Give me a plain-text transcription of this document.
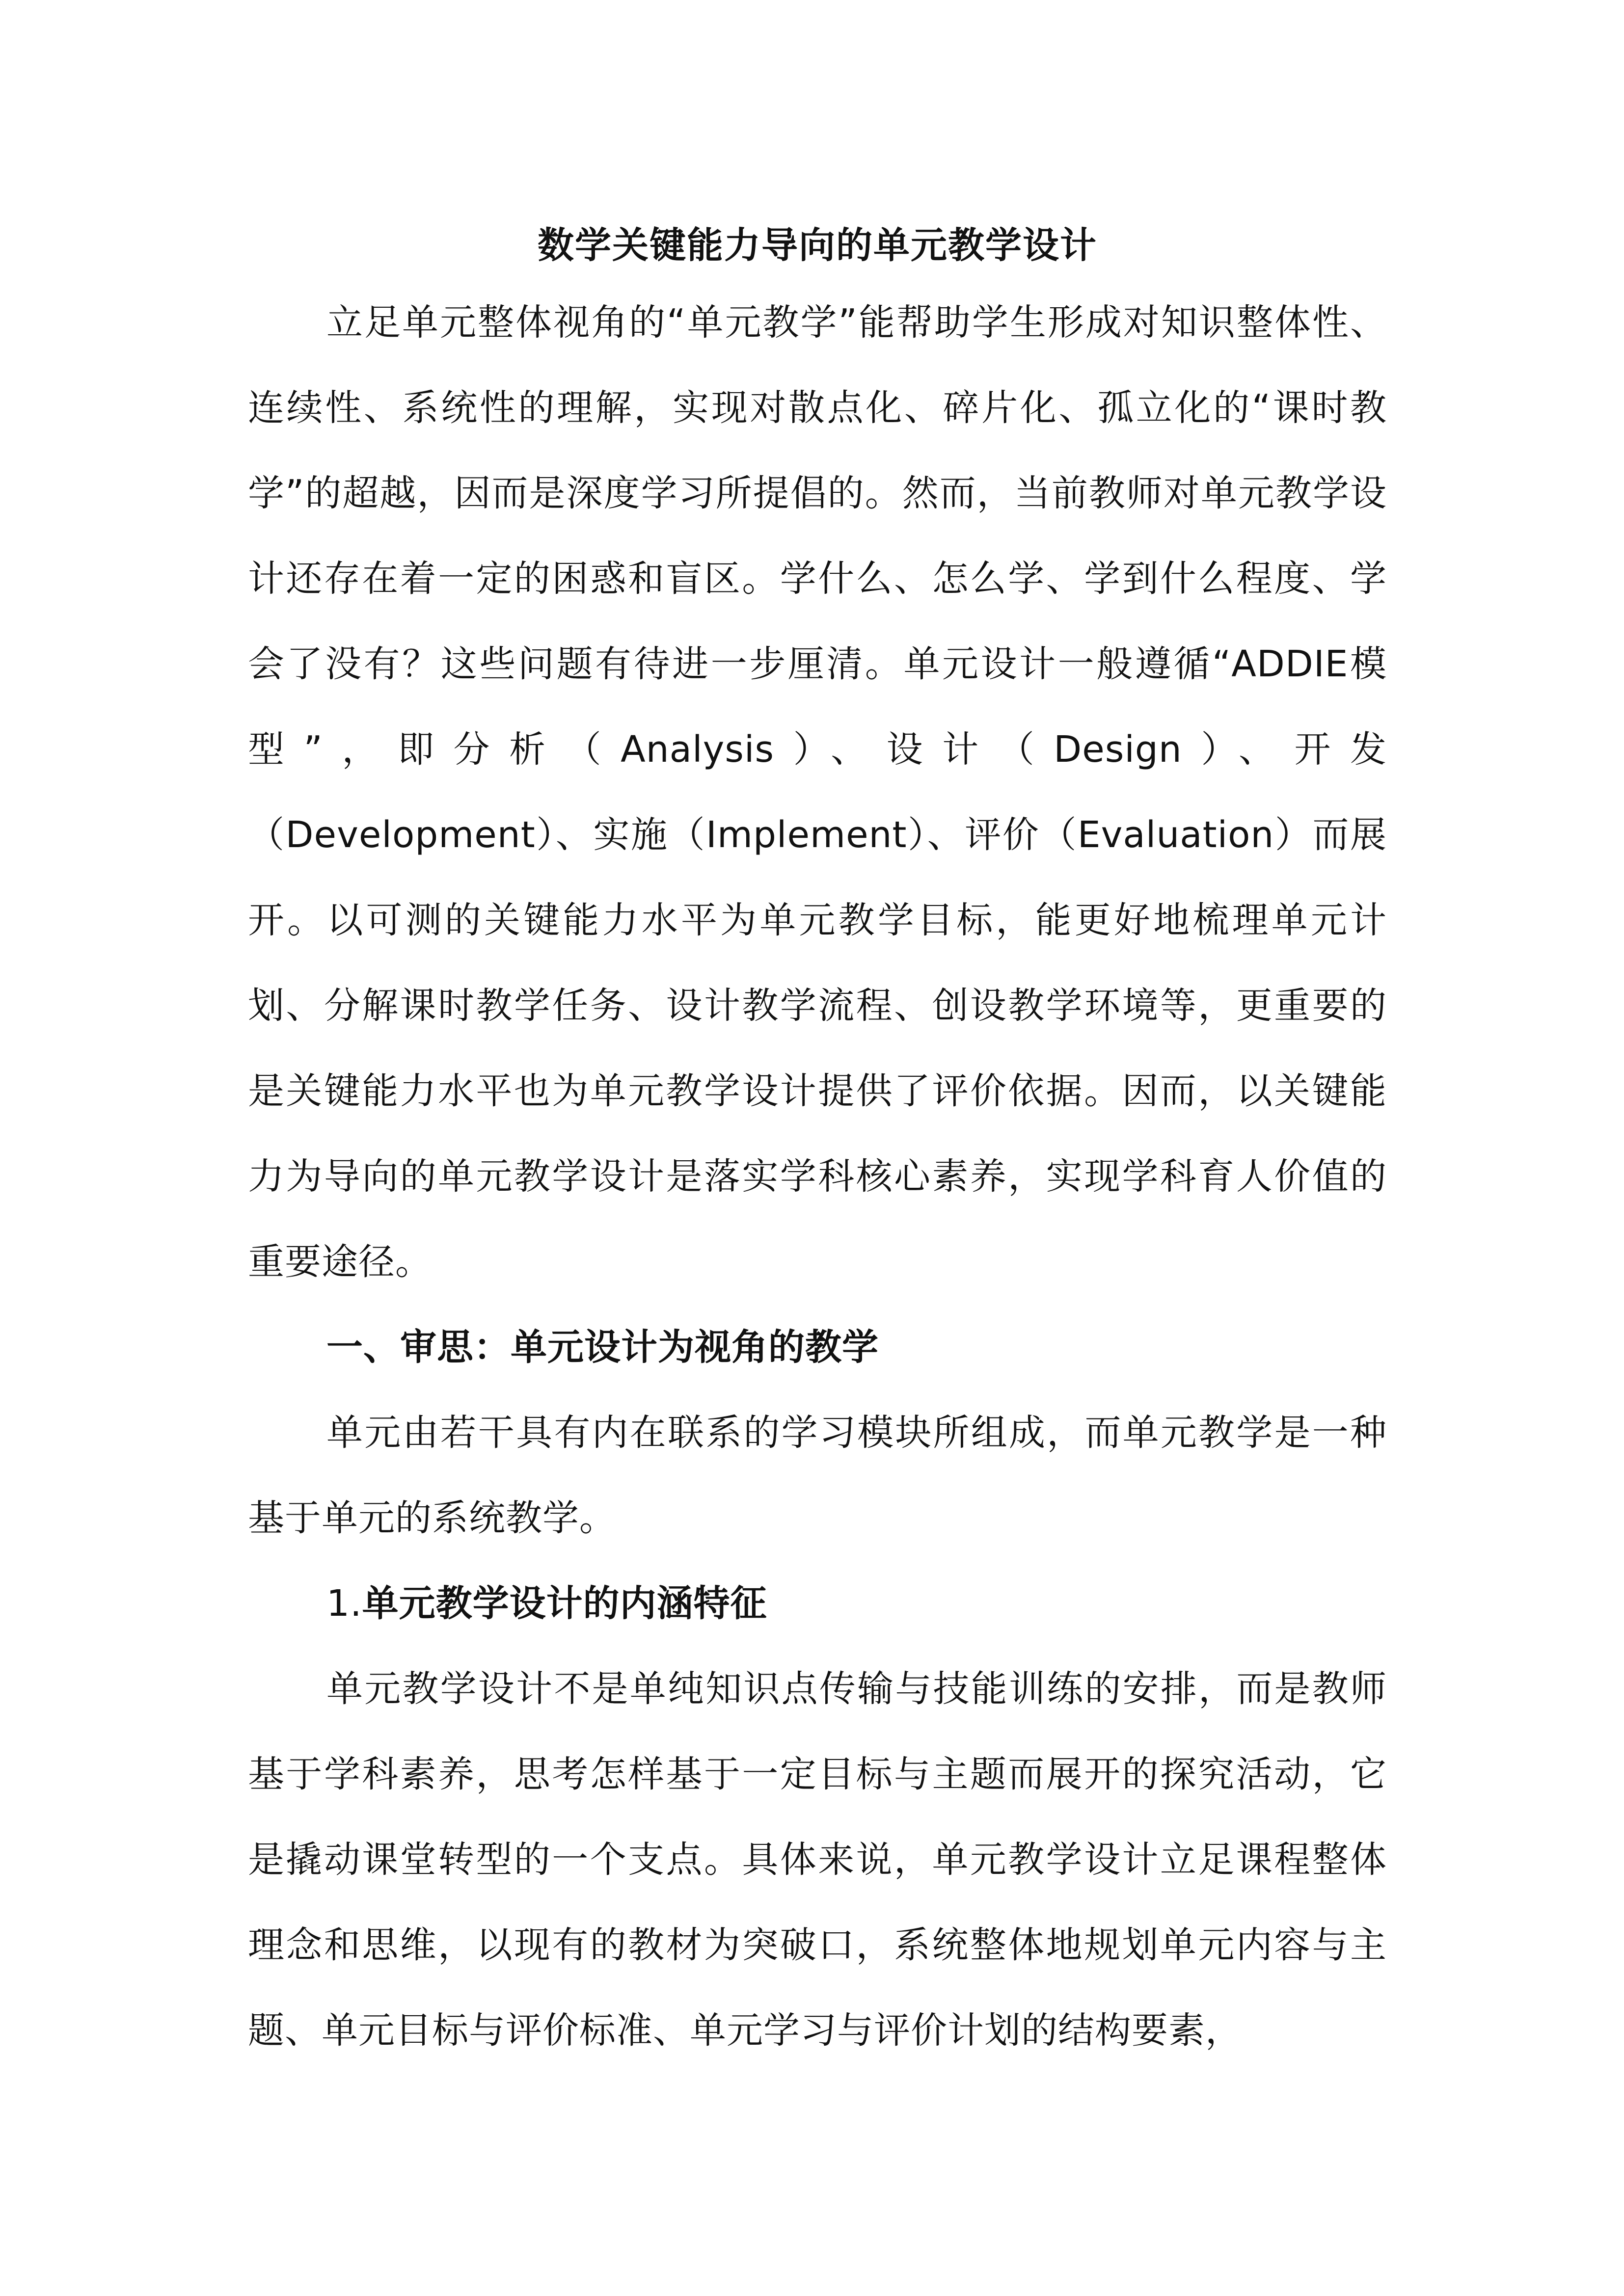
数学关键能力导向的单元教学设计

立足单元整体视角的“单元教学”能帮助学生形成对知识整体性、连续性、系统性的理解，实现对散点化、碎片化、孤立化的“课时教学”的超越，因而是深度学习所提倡的。然而，当前教师对单元教学设计还存在着一定的困惑和盲区。学什么、怎么学、学到什么程度、学会了没有？这些问题有待进一步厘清。单元设计一般遵循“ADDIE模型”，即分析（Analysis）、设计（Design）、开发（Development）、实施（Implement）、评价（Evaluation）而展开。以可测的关键能力水平为单元教学目标，能更好地梳理单元计划、分解课时教学任务、设计教学流程、创设教学环境等，更重要的是关键能力水平也为单元教学设计提供了评价依据。因而，以关键能力为导向的单元教学设计是落实学科核心素养，实现学科育人价值的重要途径。

一、审思：单元设计为视角的教学

单元由若干具有内在联系的学习模块所组成，而单元教学是一种基于单元的系统教学。

1.单元教学设计的内涵特征

单元教学设计不是单纯知识点传输与技能训练的安排，而是教师基于学科素养，思考怎样基于一定目标与主题而展开的探究活动，它是撬动课堂转型的一个支点。具体来说，单元教学设计立足课程整体理念和思维，以现有的教材为突破口，系统整体地规划单元内容与主题、单元目标与评价标准、单元学习与评价计划的结构要素，
